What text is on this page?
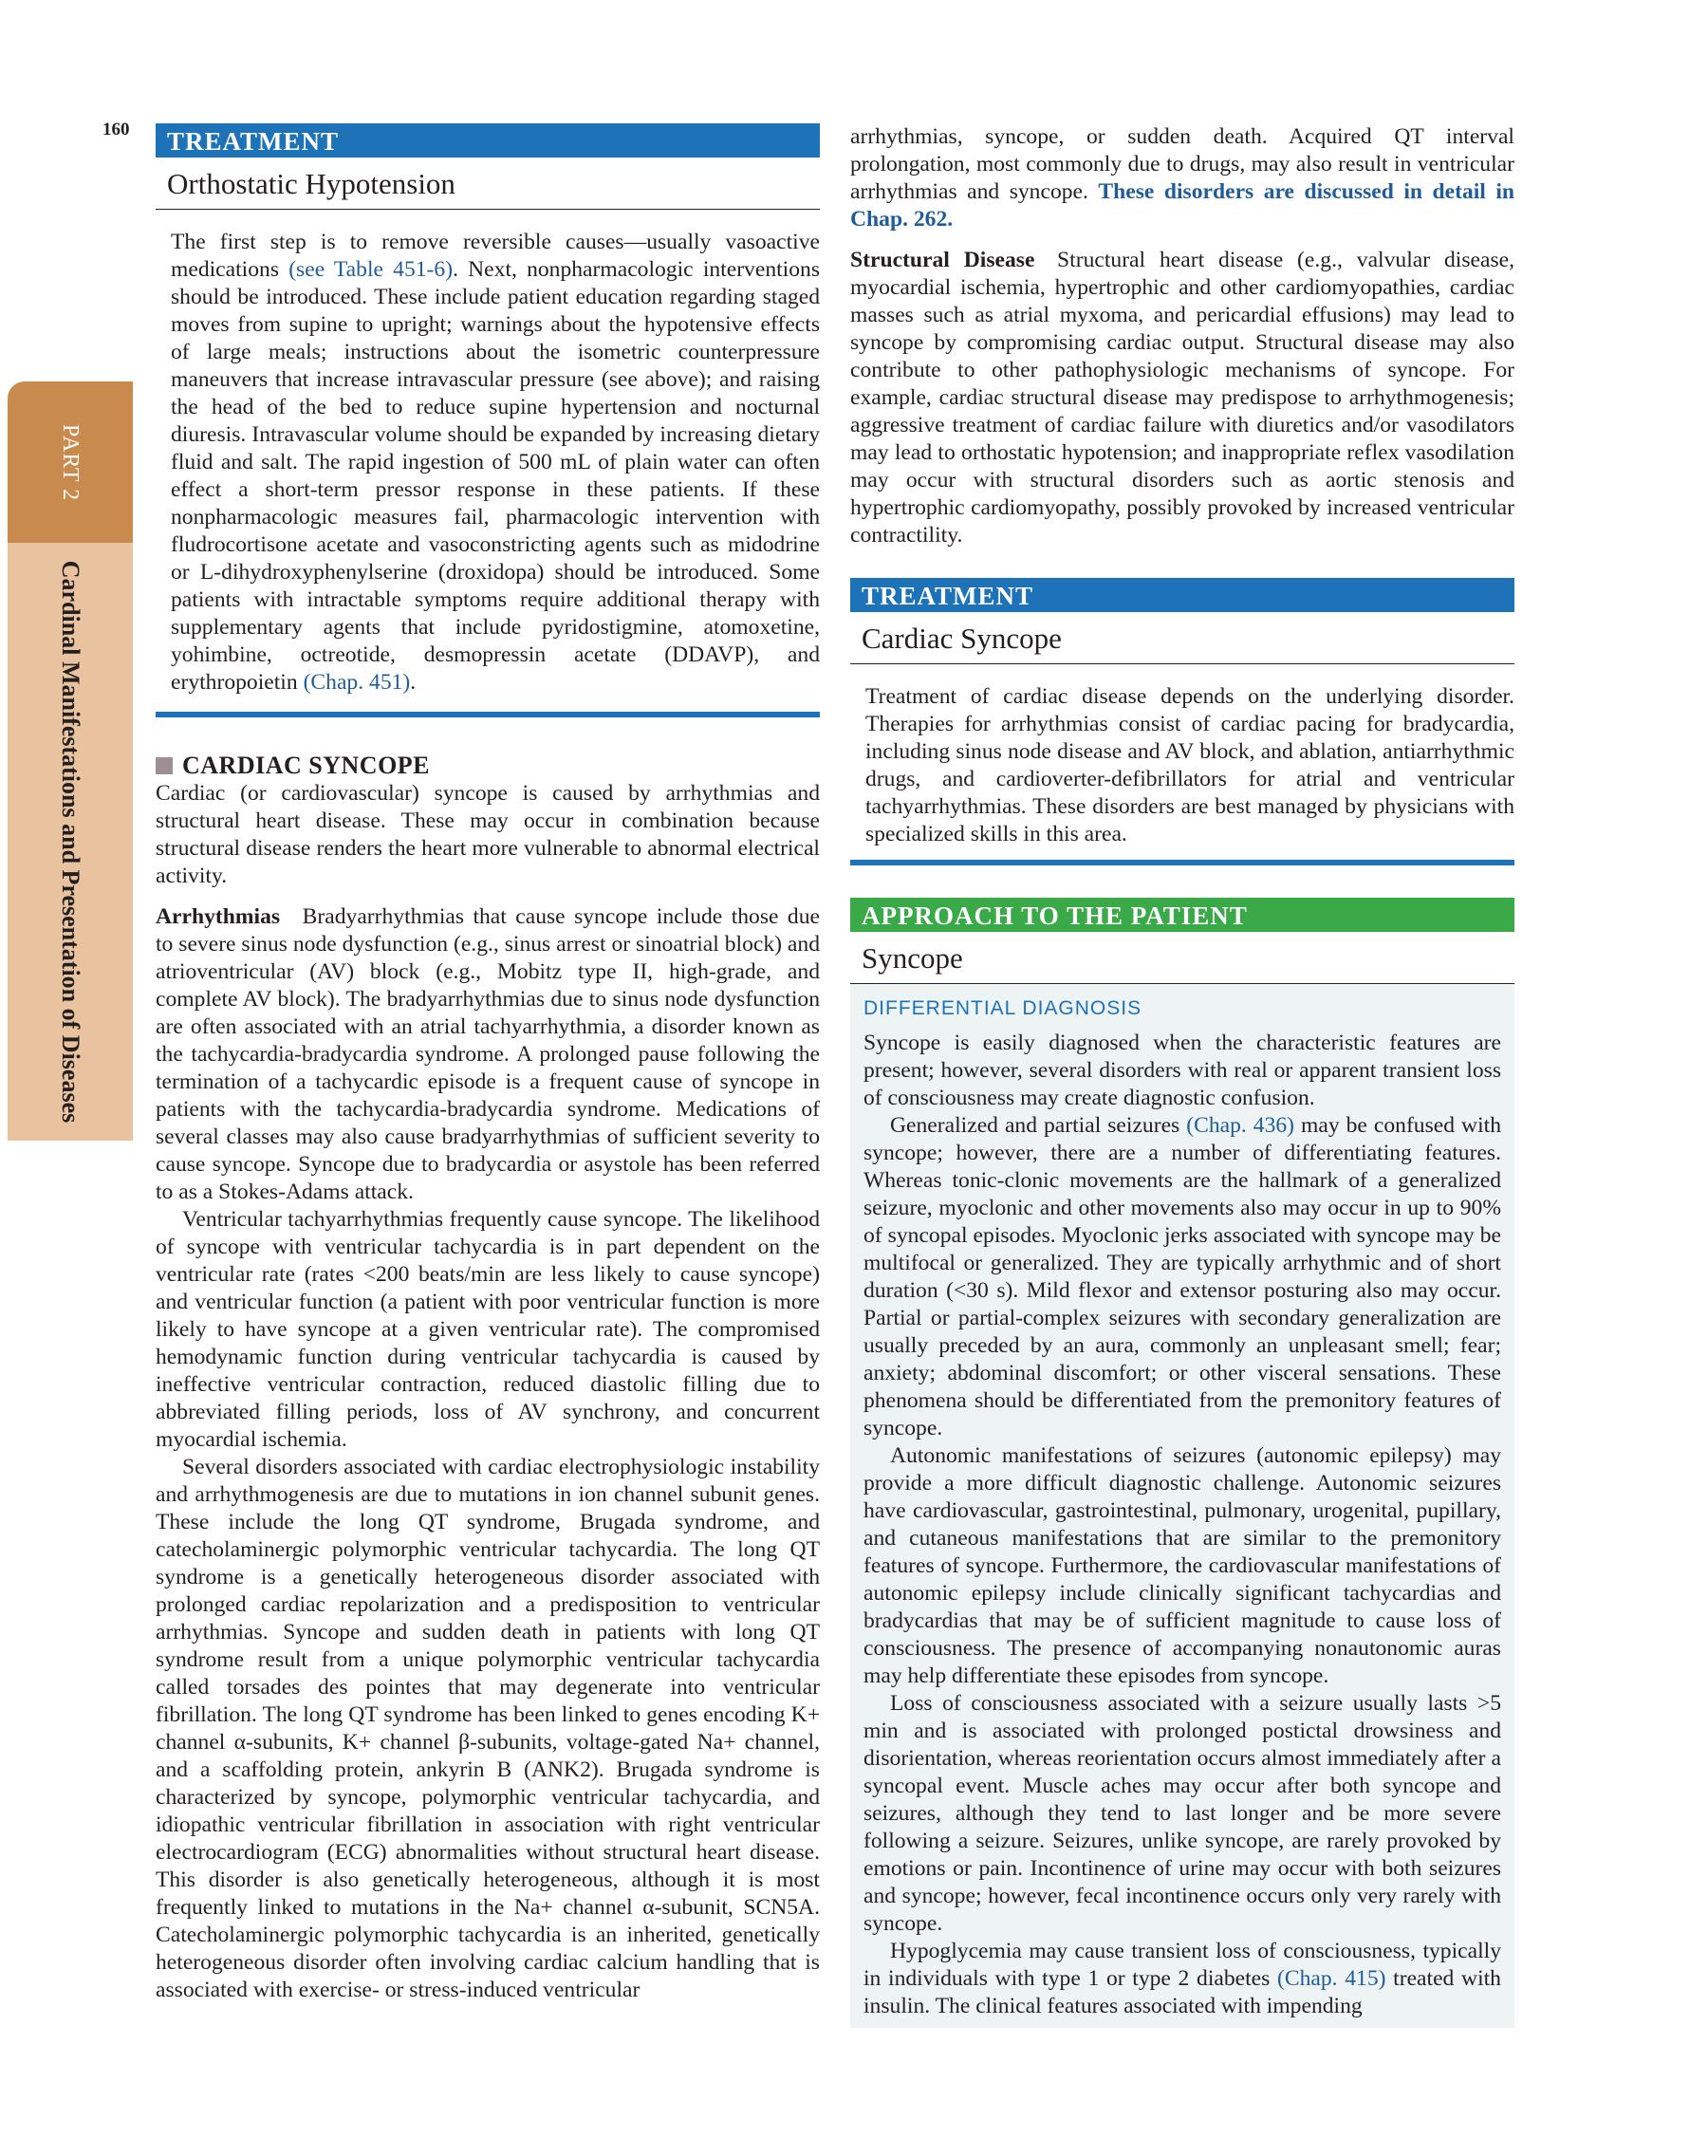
160
PART 2
Cardinal Manifestations and Presentation of Diseases
TREATMENT
Orthostatic Hypotension

The first step is to remove reversible causes—usually vasoactive medications (see Table 451-6). Next, nonpharmacologic interventions should be introduced. These include patient education regarding staged moves from supine to upright; warnings about the hypotensive effects of large meals; instructions about the isometric counterpressure maneuvers that increase intravascular pressure (see above); and raising the head of the bed to reduce supine hypertension and nocturnal diuresis. Intravascular volume should be expanded by increasing dietary fluid and salt. The rapid ingestion of 500 mL of plain water can often effect a short-term pressor response in these patients. If these nonpharmacologic measures fail, pharmacologic intervention with fludrocortisone acetate and vasoconstricting agents such as midodrine or L-dihydroxyphenylserine (droxidopa) should be introduced. Some patients with intractable symptoms require additional therapy with supplementary agents that include pyridostigmine, atomoxetine, yohimbine, octreotide, desmopressin acetate (DDAVP), and erythropoietin (Chap. 451).

CARDIAC SYNCOPE

Cardiac (or cardiovascular) syncope is caused by arrhythmias and structural heart disease. These may occur in combination because structural disease renders the heart more vulnerable to abnormal electrical activity.

Arrhythmias  Bradyarrhythmias that cause syncope include those due to severe sinus node dysfunction (e.g., sinus arrest or sinoatrial block) and atrioventricular (AV) block (e.g., Mobitz type II, high-grade, and complete AV block). The bradyarrhythmias due to sinus node dysfunction are often associated with an atrial tachyarrhythmia, a disorder known as the tachycardia-bradycardia syndrome. A prolonged pause following the termination of a tachycardic episode is a frequent cause of syncope in patients with the tachycardia-bradycardia syndrome. Medications of several classes may also cause bradyarrhythmias of sufficient severity to cause syncope. Syncope due to bradycardia or asystole has been referred to as a Stokes-Adams attack.

Ventricular tachyarrhythmias frequently cause syncope. The likelihood of syncope with ventricular tachycardia is in part dependent on the ventricular rate (rates <200 beats/min are less likely to cause syncope) and ventricular function (a patient with poor ventricular function is more likely to have syncope at a given ventricular rate). The compromised hemodynamic function during ventricular tachycardia is caused by ineffective ventricular contraction, reduced diastolic filling due to abbreviated filling periods, loss of AV synchrony, and concurrent myocardial ischemia.

Several disorders associated with cardiac electrophysiologic instability and arrhythmogenesis are due to mutations in ion channel subunit genes. These include the long QT syndrome, Brugada syndrome, and catecholaminergic polymorphic ventricular tachycardia. The long QT syndrome is a genetically heterogeneous disorder associated with prolonged cardiac repolarization and a predisposition to ventricular arrhythmias. Syncope and sudden death in patients with long QT syndrome result from a unique polymorphic ventricular tachycardia called torsades des pointes that may degenerate into ventricular fibrillation. The long QT syndrome has been linked to genes encoding K+ channel α-subunits, K+ channel β-subunits, voltage-gated Na+ channel, and a scaffolding protein, ankyrin B (ANK2). Brugada syndrome is characterized by syncope, polymorphic ventricular tachycardia, and idiopathic ventricular fibrillation in association with right ventricular electrocardiogram (ECG) abnormalities without structural heart disease. This disorder is also genetically heterogeneous, although it is most frequently linked to mutations in the Na+ channel α-subunit, SCN5A. Catecholaminergic polymorphic tachycardia is an inherited, genetically heterogeneous disorder often involving cardiac calcium handling that is associated with exercise- or stress-induced ventricular

arrhythmias, syncope, or sudden death. Acquired QT interval prolongation, most commonly due to drugs, may also result in ventricular arrhythmias and syncope. These disorders are discussed in detail in Chap. 262.

Structural Disease  Structural heart disease (e.g., valvular disease, myocardial ischemia, hypertrophic and other cardiomyopathies, cardiac masses such as atrial myxoma, and pericardial effusions) may lead to syncope by compromising cardiac output. Structural disease may also contribute to other pathophysiologic mechanisms of syncope. For example, cardiac structural disease may predispose to arrhythmogenesis; aggressive treatment of cardiac failure with diuretics and/or vasodilators may lead to orthostatic hypotension; and inappropriate reflex vasodilation may occur with structural disorders such as aortic stenosis and hypertrophic cardiomyopathy, possibly provoked by increased ventricular contractility.

TREATMENT
Cardiac Syncope

Treatment of cardiac disease depends on the underlying disorder. Therapies for arrhythmias consist of cardiac pacing for bradycardia, including sinus node disease and AV block, and ablation, antiarrhythmic drugs, and cardioverter-defibrillators for atrial and ventricular tachyarrhythmias. These disorders are best managed by physicians with specialized skills in this area.

APPROACH TO THE PATIENT
Syncope
DIFFERENTIAL DIAGNOSIS

Syncope is easily diagnosed when the characteristic features are present; however, several disorders with real or apparent transient loss of consciousness may create diagnostic confusion.

Generalized and partial seizures (Chap. 436) may be confused with syncope; however, there are a number of differentiating features. Whereas tonic-clonic movements are the hallmark of a generalized seizure, myoclonic and other movements also may occur in up to 90% of syncopal episodes. Myoclonic jerks associated with syncope may be multifocal or generalized. They are typically arrhythmic and of short duration (<30 s). Mild flexor and extensor posturing also may occur. Partial or partial-complex seizures with secondary generalization are usually preceded by an aura, commonly an unpleasant smell; fear; anxiety; abdominal discomfort; or other visceral sensations. These phenomena should be differentiated from the premonitory features of syncope.

Autonomic manifestations of seizures (autonomic epilepsy) may provide a more difficult diagnostic challenge. Autonomic seizures have cardiovascular, gastrointestinal, pulmonary, urogenital, pupillary, and cutaneous manifestations that are similar to the premonitory features of syncope. Furthermore, the cardiovascular manifestations of autonomic epilepsy include clinically significant tachycardias and bradycardias that may be of sufficient magnitude to cause loss of consciousness. The presence of accompanying nonautonomic auras may help differentiate these episodes from syncope.

Loss of consciousness associated with a seizure usually lasts >5 min and is associated with prolonged postictal drowsiness and disorientation, whereas reorientation occurs almost immediately after a syncopal event. Muscle aches may occur after both syncope and seizures, although they tend to last longer and be more severe following a seizure. Seizures, unlike syncope, are rarely provoked by emotions or pain. Incontinence of urine may occur with both seizures and syncope; however, fecal incontinence occurs only very rarely with syncope.

Hypoglycemia may cause transient loss of consciousness, typically in individuals with type 1 or type 2 diabetes (Chap. 415) treated with insulin. The clinical features associated with impending
